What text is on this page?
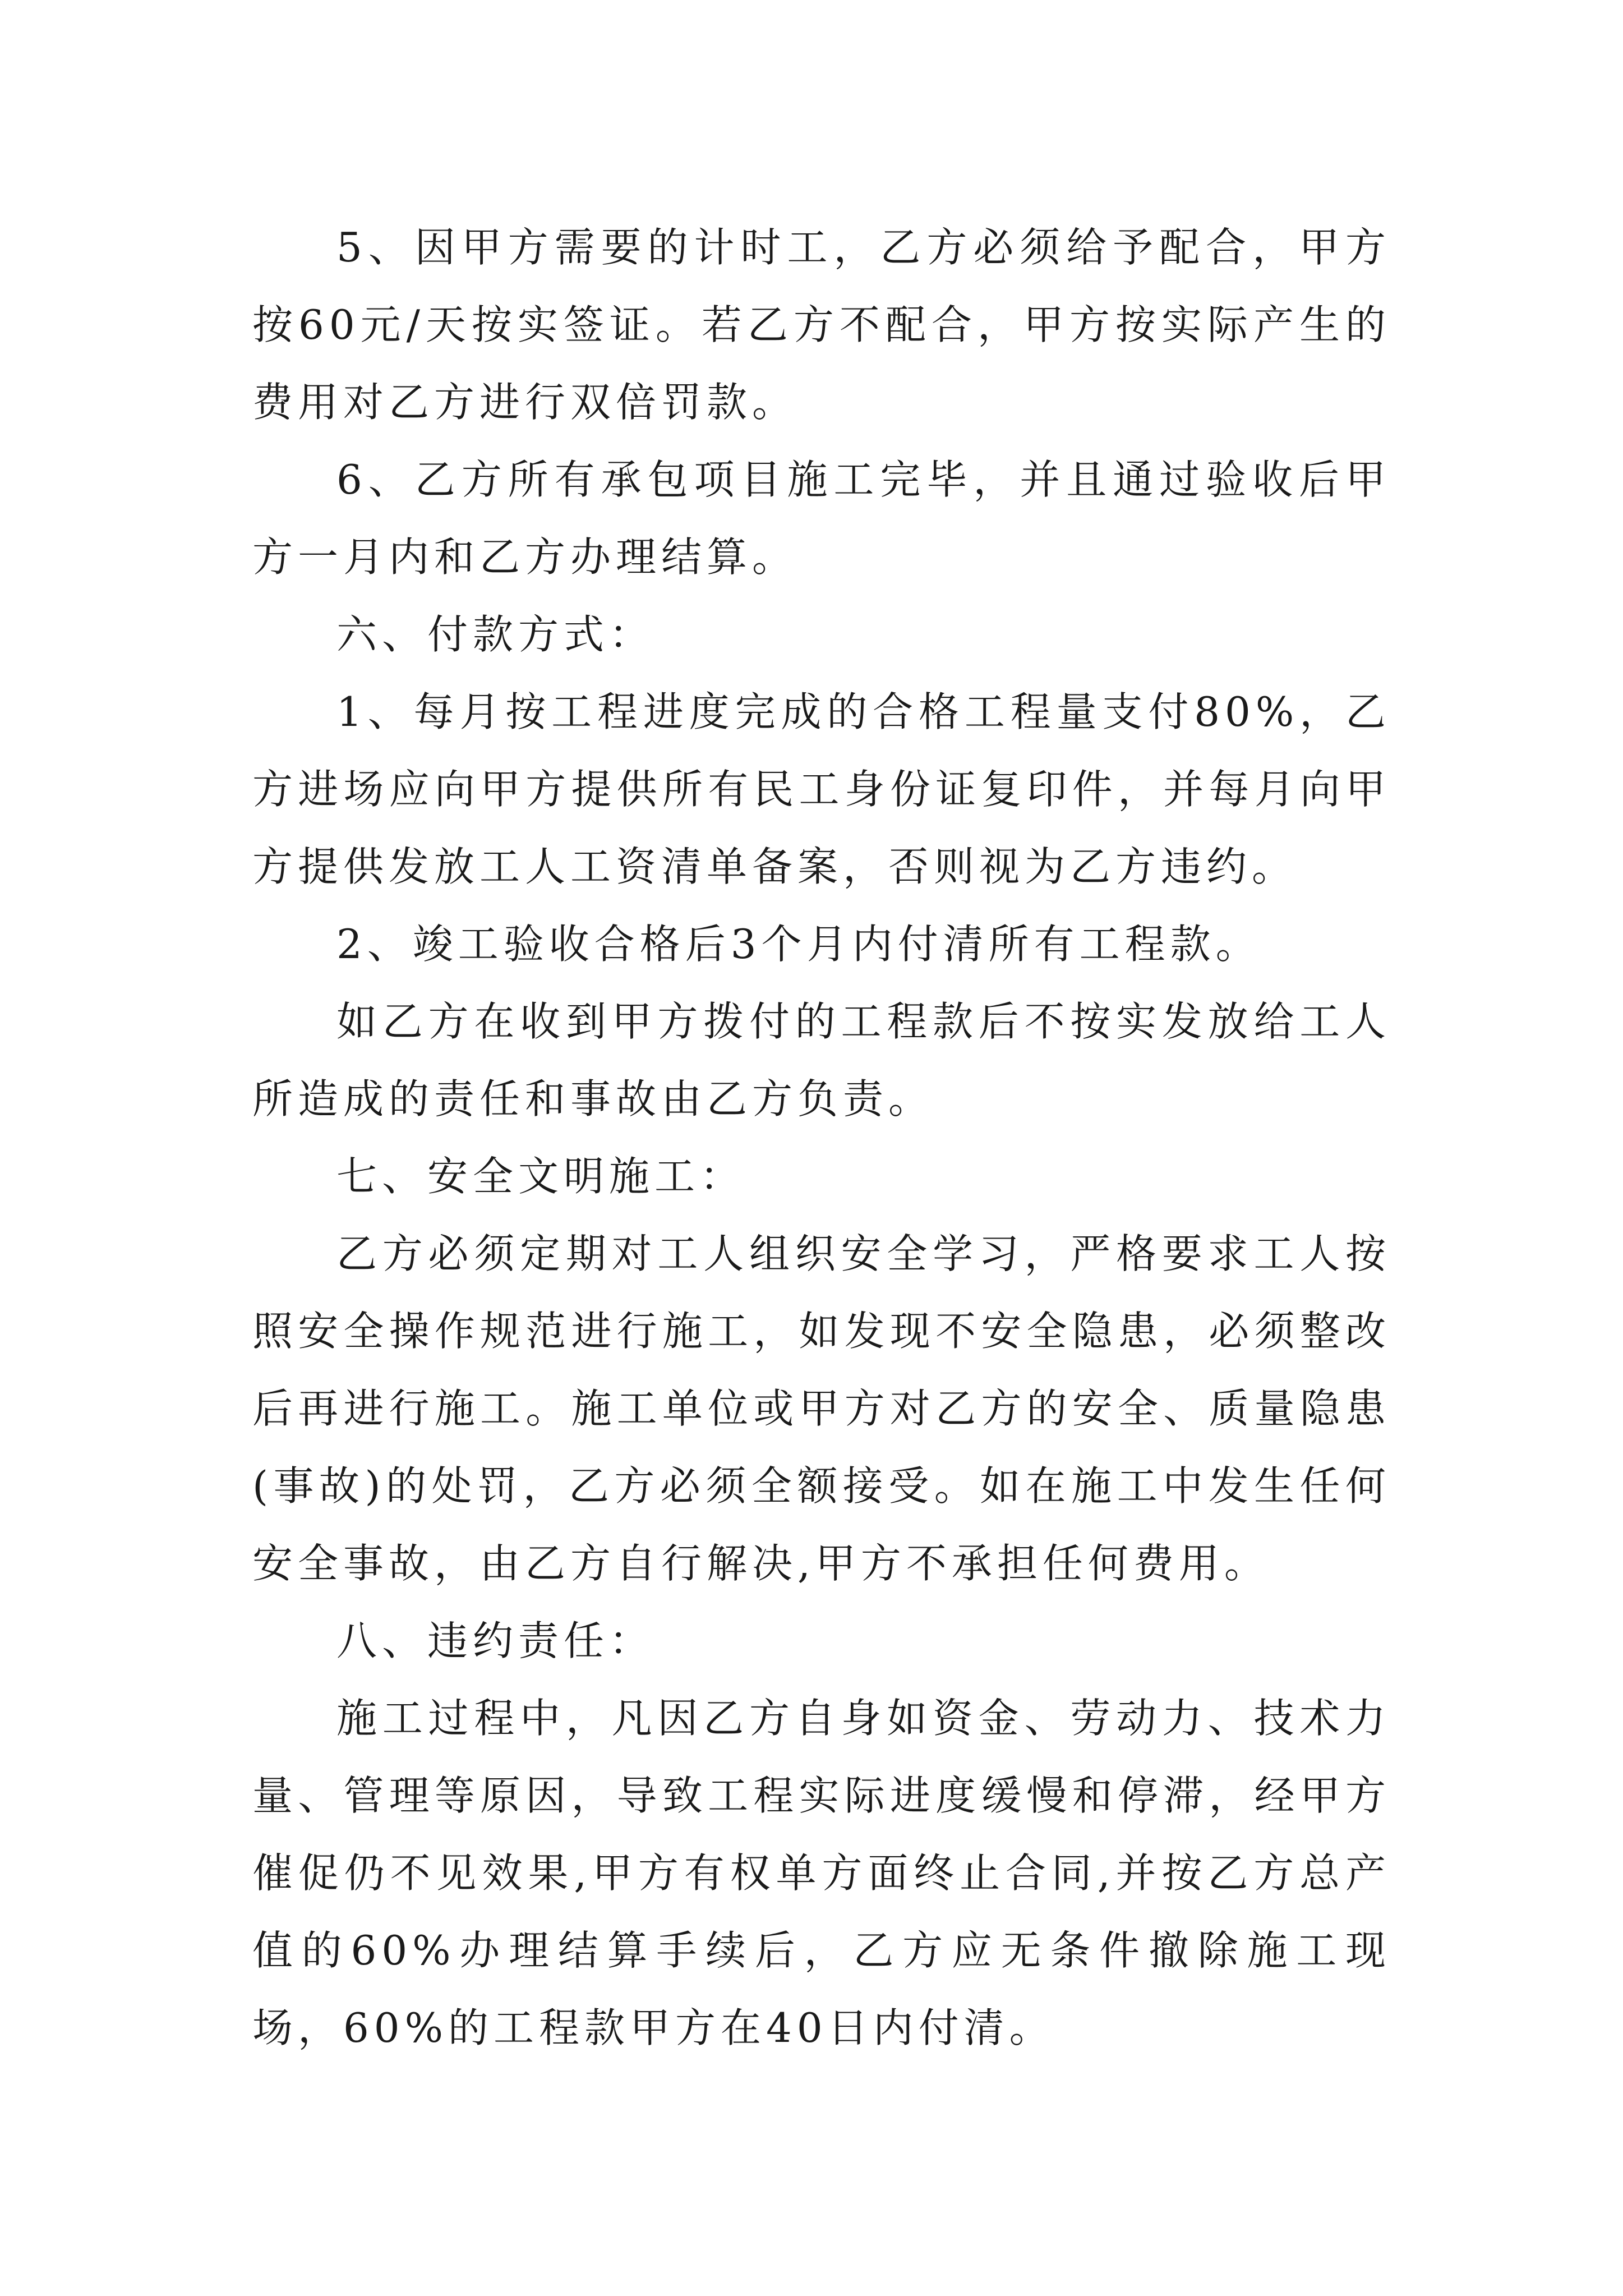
5、因甲方需要的计时工，乙方必须给予配合，甲方按60元/天按实签证。若乙方不配合，甲方按实际产生的费用对乙方进行双倍罚款。

6、乙方所有承包项目施工完毕，并且通过验收后甲方一月内和乙方办理结算。

六、付款方式：

1、每月按工程进度完成的合格工程量支付80%，乙方进场应向甲方提供所有民工身份证复印件，并每月向甲方提供发放工人工资清单备案，否则视为乙方违约。

2、竣工验收合格后3个月内付清所有工程款。

如乙方在收到甲方拨付的工程款后不按实发放给工人所造成的责任和事故由乙方负责。

七、安全文明施工：

乙方必须定期对工人组织安全学习，严格要求工人按照安全操作规范进行施工，如发现不安全隐患，必须整改后再进行施工。施工单位或甲方对乙方的安全、质量隐患(事故)的处罚，乙方必须全额接受。如在施工中发生任何安全事故，由乙方自行解决,甲方不承担任何费用。

八、违约责任：

施工过程中，凡因乙方自身如资金、劳动力、技术力量、管理等原因，导致工程实际进度缓慢和停滞，经甲方催促仍不见效果,甲方有权单方面终止合同,并按乙方总产值的60%办理结算手续后，乙方应无条件撤除施工现场，60%的工程款甲方在40日内付清。
